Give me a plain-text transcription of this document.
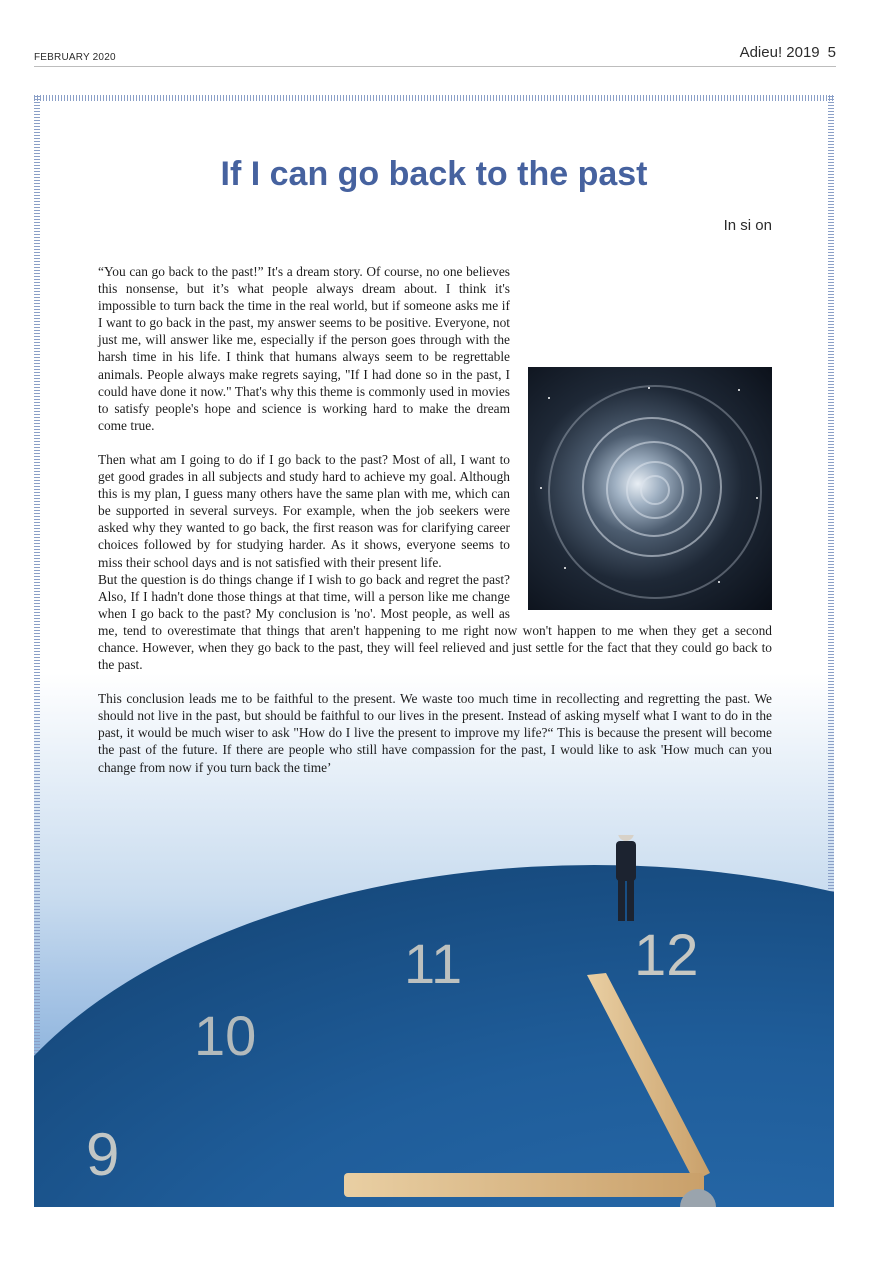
FEBRUARY 2020	Adieu! 2019 5
If I can go back to the past
In si on
12
11
10
9

“You can go back to the past!” It's a dream story. Of course, no one believes this nonsense, but it’s what people always dream about. I think it's impossible to turn back the time in the real world, but if someone asks me if I want to go back in the past, my answer seems to be positive. Everyone, not just me, will answer like me, especially if the person goes through with the harsh time in his life. I think that humans always seem to be regrettable animals. People always make regrets saying, "If I had done so in the past, I could have done it now." That's why this theme is commonly used in movies to satisfy people's hope and science is working hard to make the dream come true.

Then what am I going to do if I go back to the past? Most of all, I want to get good grades in all subjects and study hard to achieve my goal. Although this is my plan, I guess many others have the same plan with me, which can be supported in several surveys. For example, when the job seekers were asked why they wanted to go back, the first reason was for clarifying career choices followed by for studying harder. As it shows, everyone seems to miss their school days and is not satisfied with their present life.

But the question is do things change if I wish to go back and regret the past? Also, If I hadn't done those things at that time, will a person like me change when I go back to the past? My conclusion is 'no'. Most people, as well as me, tend to overestimate that things that aren't happening to me right now won't happen to me when they get a second chance. However, when they go back to the past, they will feel relieved and just settle for the fact that they could go back to the past.

This conclusion leads me to be faithful to the present. We waste too much time in recollecting and regretting the past. We should not live in the past, but should be faithful to our lives in the present. Instead of asking myself what I want to do in the past, it would be much wiser to ask "How do I live the present to improve my life?“ This is because the present will become the past of the future. If there are people who still have compassion for the past, I would like to ask 'How much can you change from now if you turn back the time’
